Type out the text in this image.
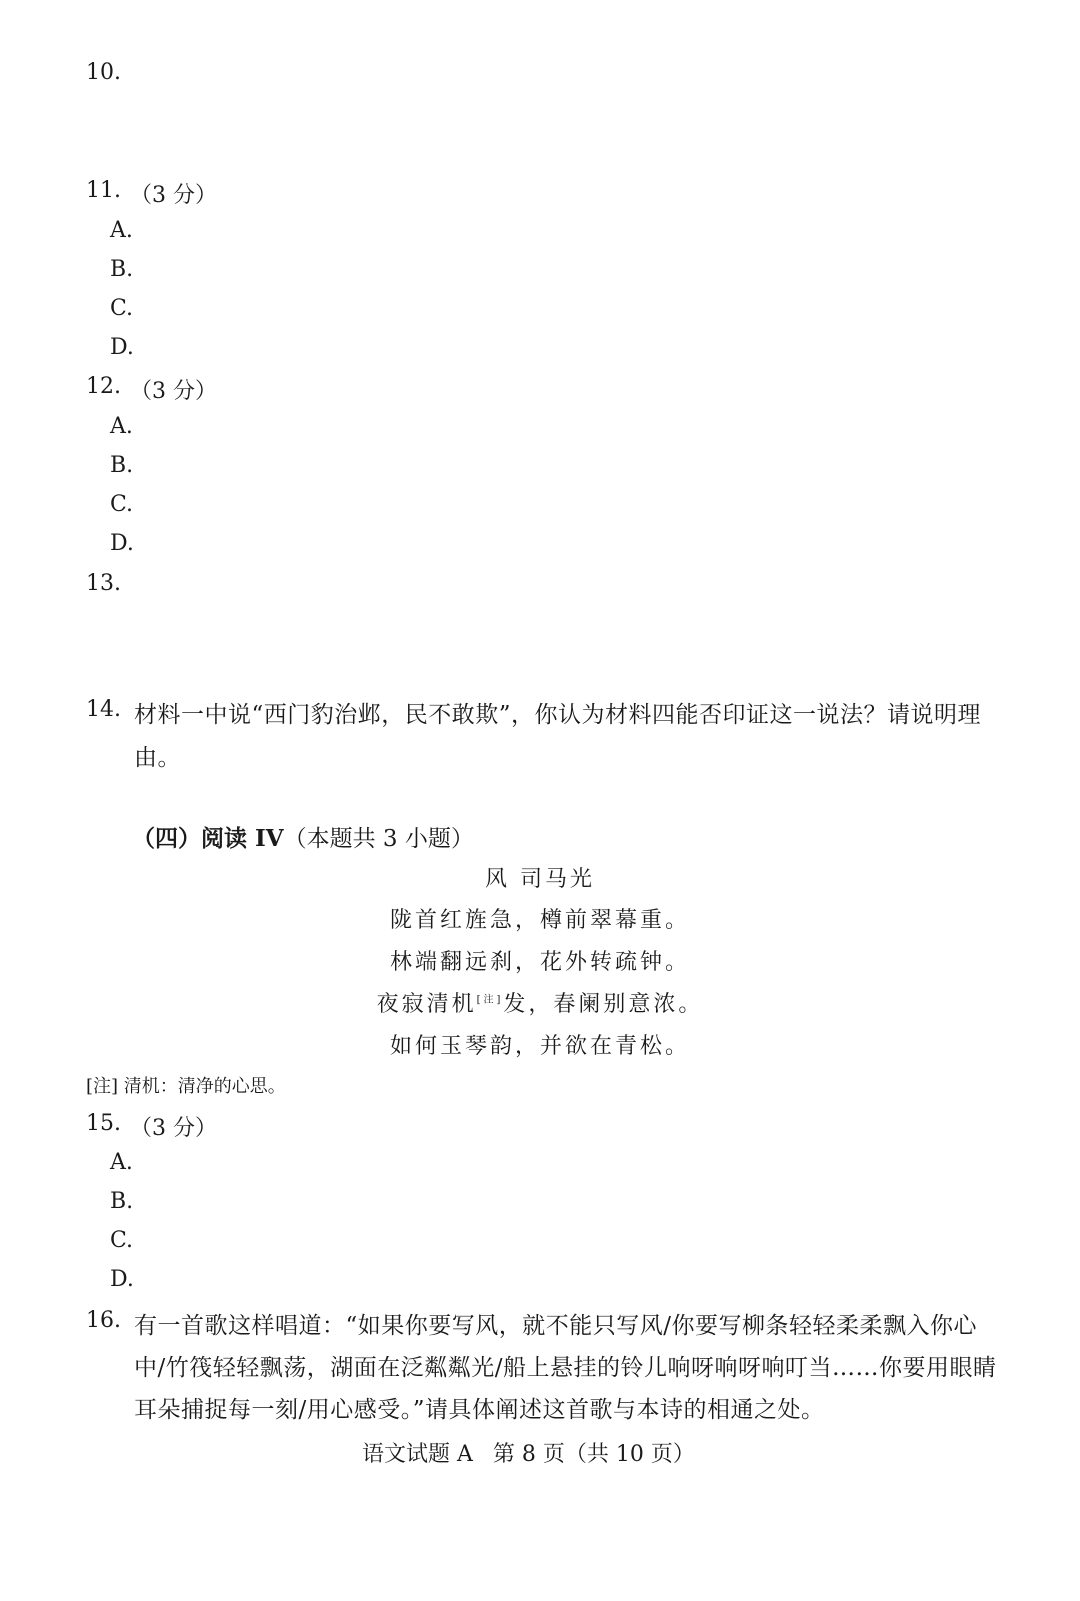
10.
11. （3 分）
A.
B.
C.
D.
12. （3 分）
A.
B.
C.
D.
13.
14. 材料一中说“西门豹治邺，民不敢欺”，你认为材料四能否印证这一说法？请说明理
由。
（四）阅读 IV（本题共 3 小题）
风 司马光
陇首红旌急，樽前翠幕重。
林端翻远刹，花外转疏钟。
夜寂清机[注]发，春阑别意浓。
如何玉琴韵，并欲在青松。
[注] 清机：清净的心思。
15. （3 分）
A.
B.
C.
D.
16. 有一首歌这样唱道：“如果你要写风，就不能只写风/你要写柳条轻轻柔柔飘入你心
中/竹筏轻轻飘荡，湖面在泛粼粼光/船上悬挂的铃儿响呀响呀响叮当……你要用眼睛
耳朵捕捉每一刻/用心感受。”请具体阐述这首歌与本诗的相通之处。
语文试题 A 第 8 页（共 10 页）
